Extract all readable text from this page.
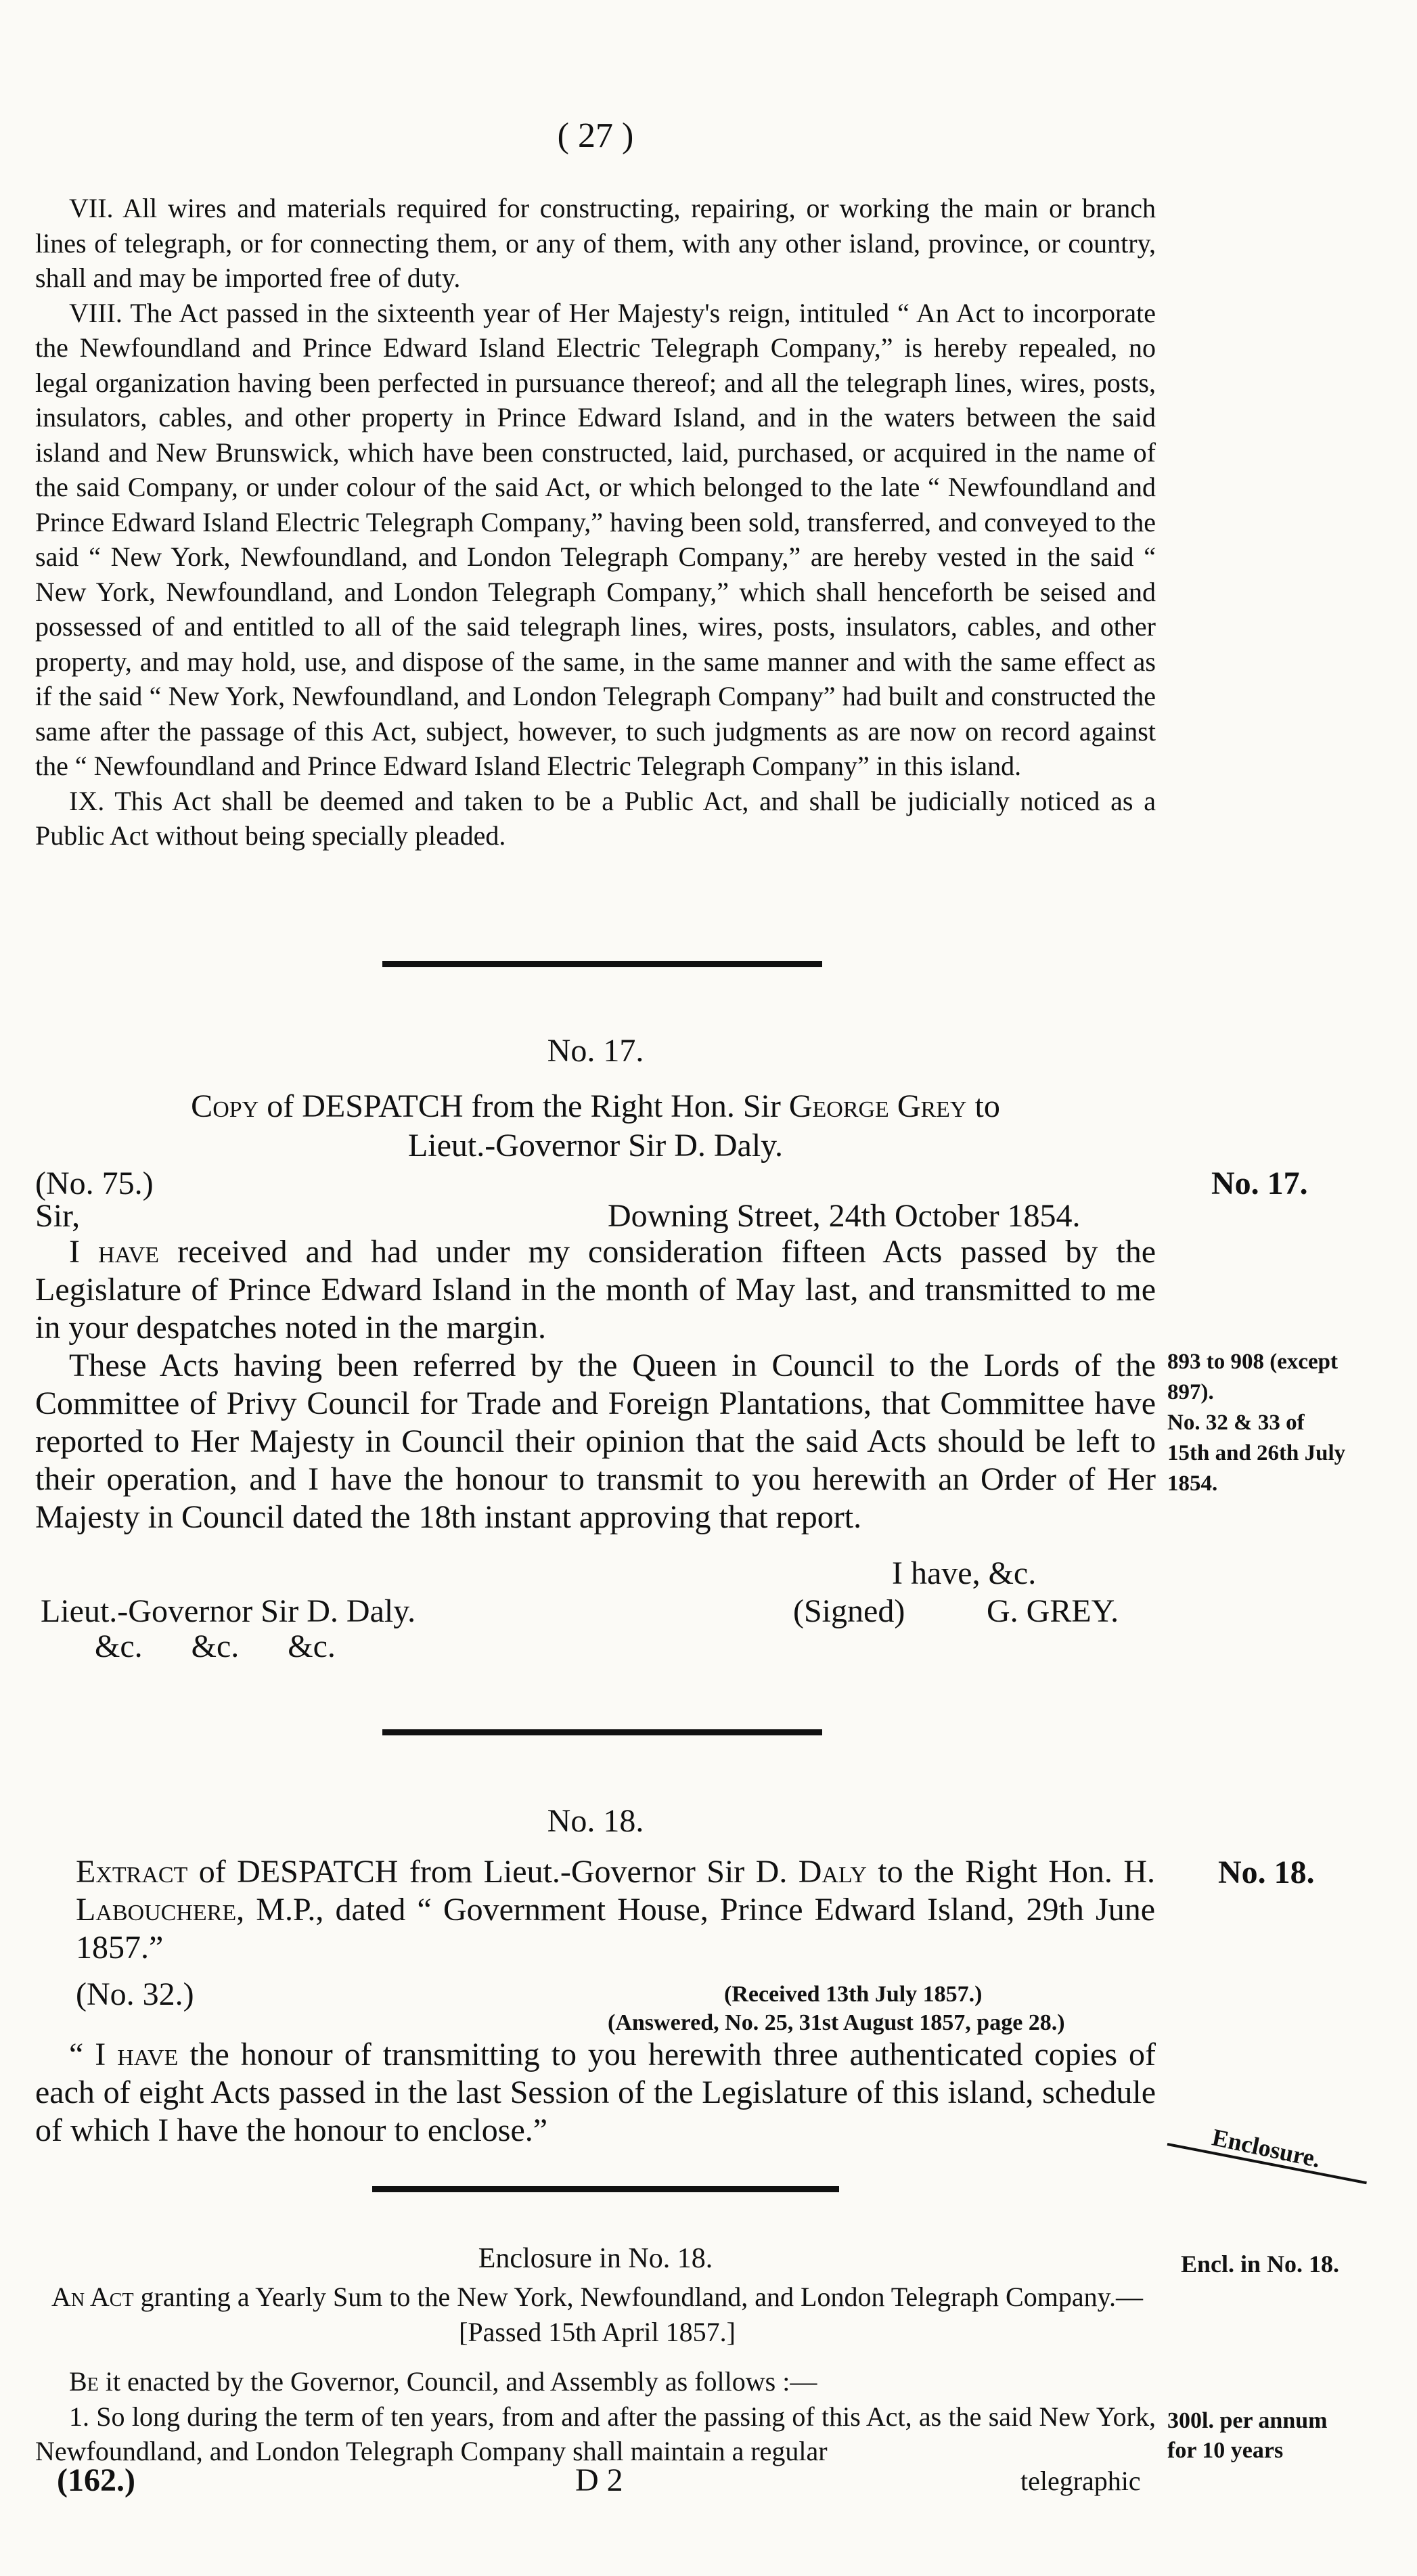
( 27 )

VII. All wires and materials required for constructing, repairing, or working the main or branch lines of telegraph, or for connecting them, or any of them, with any other island, province, or country, shall and may be imported free of duty.

VIII. The Act passed in the sixteenth year of Her Majesty's reign, intituled “ An Act to incorporate the Newfoundland and Prince Edward Island Electric Telegraph Company,” is hereby repealed, no legal organization having been perfected in pursuance thereof; and all the telegraph lines, wires, posts, insulators, cables, and other property in Prince Edward Island, and in the waters between the said island and New Brunswick, which have been constructed, laid, purchased, or acquired in the name of the said Company, or under colour of the said Act, or which belonged to the late “ Newfoundland and Prince Edward Island Electric Telegraph Company,” having been sold, transferred, and conveyed to the said “ New York, Newfoundland, and London Telegraph Company,” are hereby vested in the said “ New York, Newfoundland, and London Telegraph Company,” which shall henceforth be seised and possessed of and entitled to all of the said telegraph lines, wires, posts, insulators, cables, and other property, and may hold, use, and dispose of the same, in the same manner and with the same effect as if the said “ New York, Newfoundland, and London Telegraph Company” had built and constructed the same after the passage of this Act, subject, however, to such judgments as are now on record against the “ Newfoundland and Prince Edward Island Electric Telegraph Company” in this island.

IX. This Act shall be deemed and taken to be a Public Act, and shall be judicially noticed as a Public Act without being specially pleaded.

No. 17.
Copy of DESPATCH from the Right Hon. Sir George Grey to
Lieut.-Governor Sir D. Daly.
(No. 75.)	No. 17.
Sir,	Downing Street, 24th October 1854.

I have received and had under my consideration fifteen Acts passed by the Legislature of Prince Edward Island in the month of May last, and transmitted to me in your despatches noted in the margin.

These Acts having been referred by the Queen in Council to the Lords of the Committee of Privy Council for Trade and Foreign Plantations, that Committee have reported to Her Majesty in Council their opinion that the said Acts should be left to their operation, and I have the honour to transmit to you herewith an Order of Her Majesty in Council dated the 18th instant approving that report.

893 to 908 (except
897).
No. 32 & 33 of
15th and 26th July
1854.
I have, &c.
Lieut.-Governor Sir D. Daly.	(Signed)	G. GREY.
&c.      &c.      &c.
No. 18.
No. 18.
Extract of DESPATCH from Lieut.-Governor Sir D. Daly to the Right Hon. H. Labouchere, M.P., dated “ Government House, Prince Edward Island, 29th June 1857.”
(No. 32.)	(Received 13th July 1857.)
(Answered, No. 25, 31st August 1857, page 28.)

“ I have the honour of transmitting to you herewith three authenticated copies of each of eight Acts passed in the last Session of the Legislature of this island, schedule of which I have the honour to enclose.”	Enclosure.
Enclosure in No. 18.	Encl. in No. 18.
An Act granting a Yearly Sum to the New York, Newfoundland, and London Telegraph Company.—[Passed 15th April 1857.]

Be it enacted by the Governor, Council, and Assembly as follows :—

1. So long during the term of ten years, from and after the passing of this Act, as the said New York, Newfoundland, and London Telegraph Company shall maintain a regular

300l. per annum
for 10 years
(162.)	D 2	telegraphic
